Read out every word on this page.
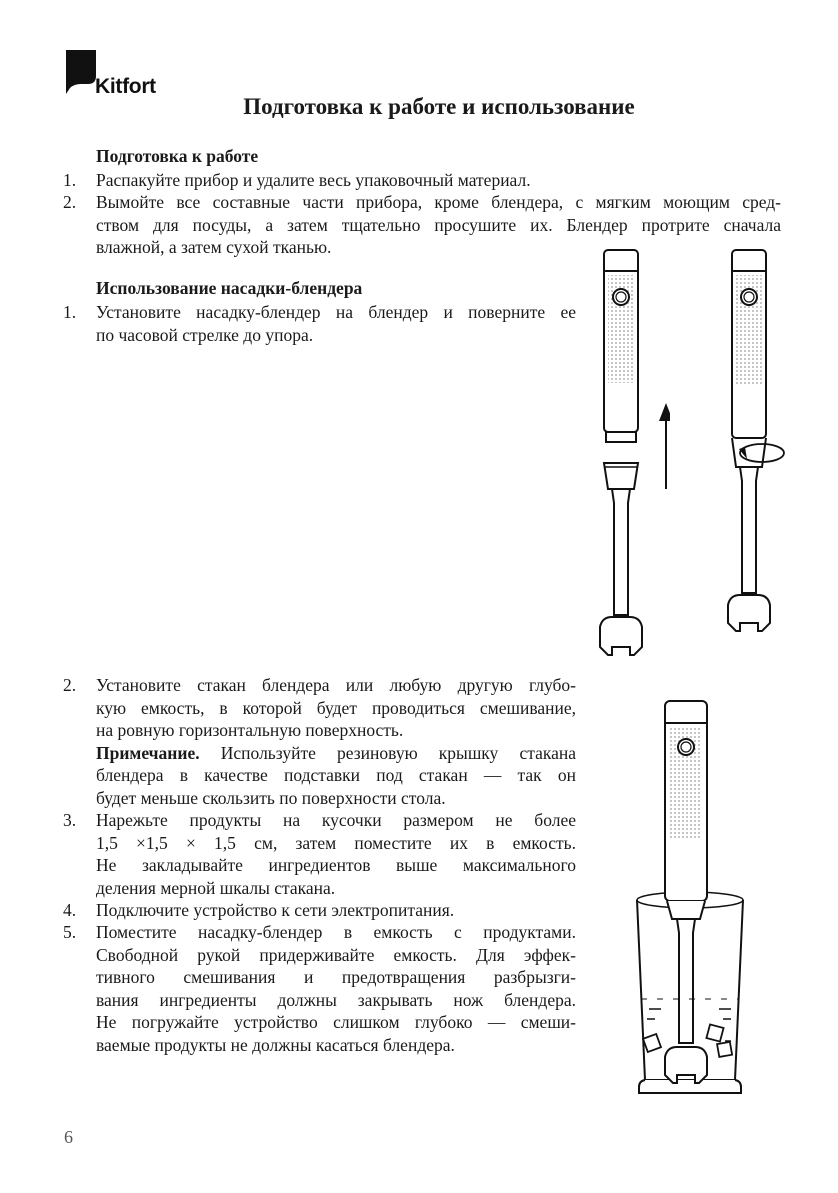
Kitfort
Подготовка к работе и использование
Подготовка к работе
1. Распакуйте прибор и удалите весь упаковочный материал.
2. Вымойте все составные части прибора, кроме блендера, с мягким моющим сред-
ством для посуды, а затем тщательно просушите их. Блендер протрите сначала
влажной, а затем сухой тканью.
Использование насадки-блендера
1. Установите насадку-блендер на блендер и поверните ее
по часовой стрелке до упора.
2. Установите стакан блендера или любую другую глубо-
кую емкость, в которой будет проводиться смешивание,
на ровную горизонтальную поверхность.
Примечание. Используйте резиновую крышку стакана
блендера в качестве подставки под стакан — так он
будет меньше скользить по поверхности стола.
3. Нарежьте продукты на кусочки размером не более
1,5 ×1,5 × 1,5 см, затем поместите их в емкость.
Не закладывайте ингредиентов выше максимального
деления мерной шкалы стакана.
4. Подключите устройство к сети электропитания.
5. Поместите насадку-блендер в емкость с продуктами.
Свободной рукой придерживайте емкость. Для эффек-
тивного смешивания и предотвращения разбрызги-
вания ингредиенты должны закрывать нож блендера.
Не погружайте устройство слишком глубоко — смеши-
ваемые продукты не должны касаться блендера.
6
